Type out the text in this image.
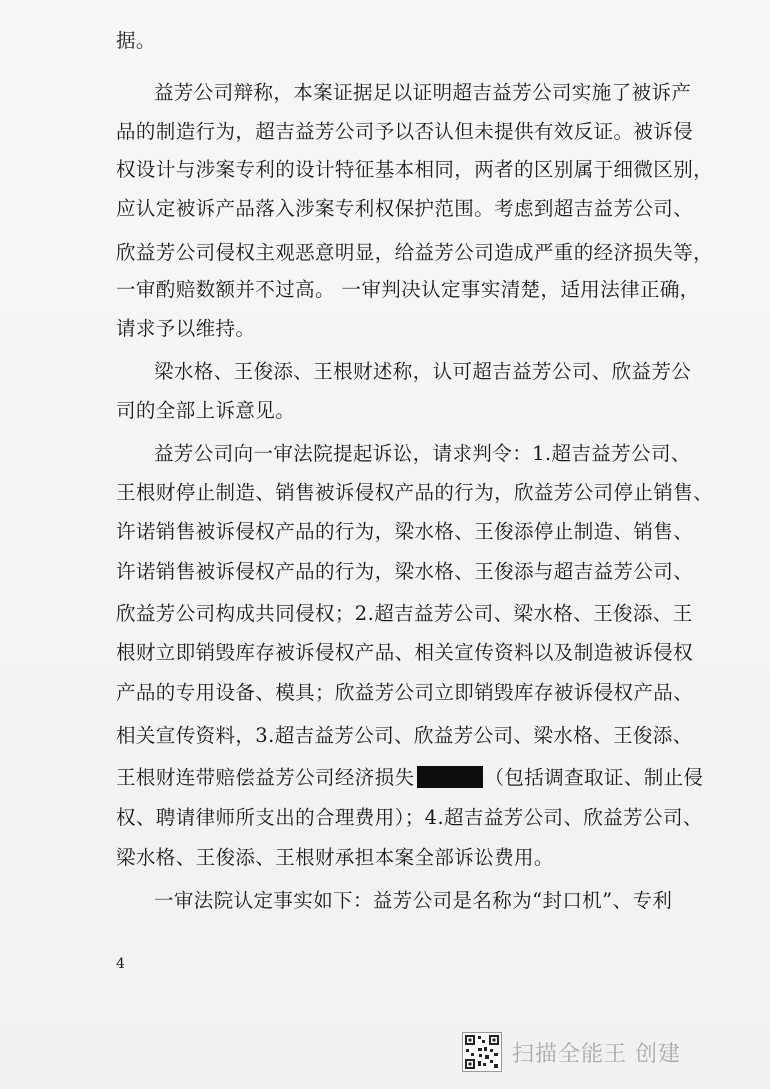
据。

益芳公司辩称，本案证据足以证明超吉益芳公司实施了被诉产

品的制造行为，超吉益芳公司予以否认但未提供有效反证。被诉侵

权设计与涉案专利的设计特征基本相同，两者的区别属于细微区别，

应认定被诉产品落入涉案专利权保护范围。考虑到超吉益芳公司、

欣益芳公司侵权主观恶意明显，给益芳公司造成严重的经济损失等，

一审酌赔数额并不过高。 一审判决认定事实清楚，适用法律正确，

请求予以维持。

梁水格、王俊添、王根财述称，认可超吉益芳公司、欣益芳公

司的全部上诉意见。

益芳公司向一审法院提起诉讼，请求判令：1.超吉益芳公司、

王根财停止制造、销售被诉侵权产品的行为，欣益芳公司停止销售、

许诺销售被诉侵权产品的行为，梁水格、王俊添停止制造、销售、

许诺销售被诉侵权产品的行为，梁水格、王俊添与超吉益芳公司、

欣益芳公司构成共同侵权；2.超吉益芳公司、梁水格、王俊添、王

根财立即销毁库存被诉侵权产品、相关宣传资料以及制造被诉侵权

产品的专用设备、模具；欣益芳公司立即销毁库存被诉侵权产品、

相关宣传资料，3.超吉益芳公司、欣益芳公司、梁水格、王俊添、

王根财连带赔偿益芳公司经济损失	（包括调查取证、制止侵

权、聘请律师所支出的合理费用）；4.超吉益芳公司、欣益芳公司、

梁水格、王俊添、王根财承担本案全部诉讼费用。

一审法院认定事实如下：益芳公司是名称为“封口机”、专利

4

扫描全能王 创建
